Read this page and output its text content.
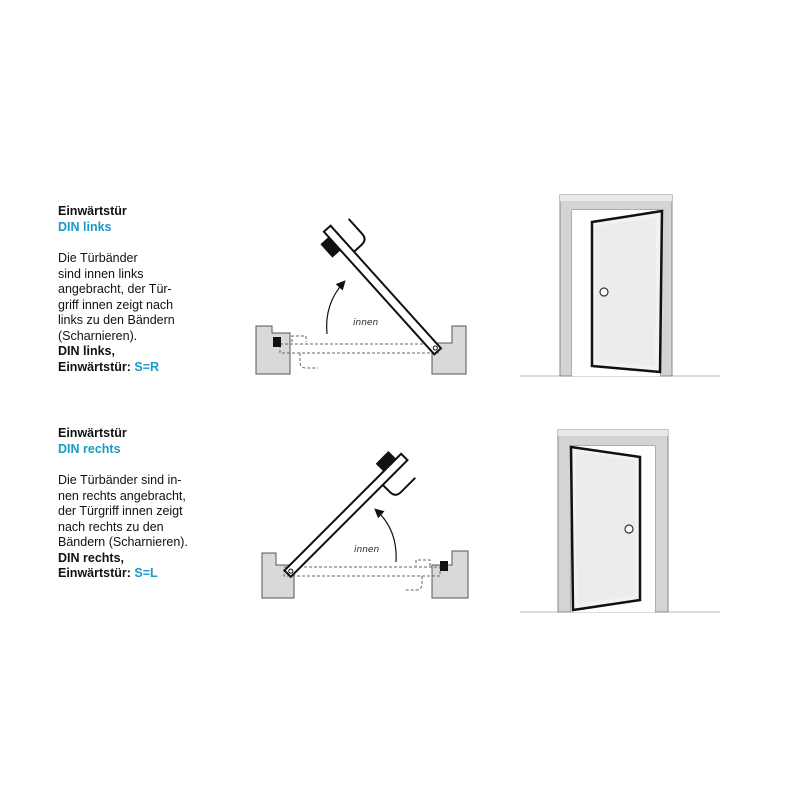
Einwärtstür
DIN links
Die Türbänder
sind innen links
angebracht, der Tür-
griff innen zeigt nach
links zu den Bändern
(Scharnieren).
DIN links,
Einwärtstür: S=R
Einwärtstür
DIN rechts
Die Türbänder sind in-
nen rechts angebracht,
der Türgriff innen zeigt
nach rechts zu den
Bändern (Scharnieren).
DIN rechts,
Einwärtstür: S=L
innen
innen
